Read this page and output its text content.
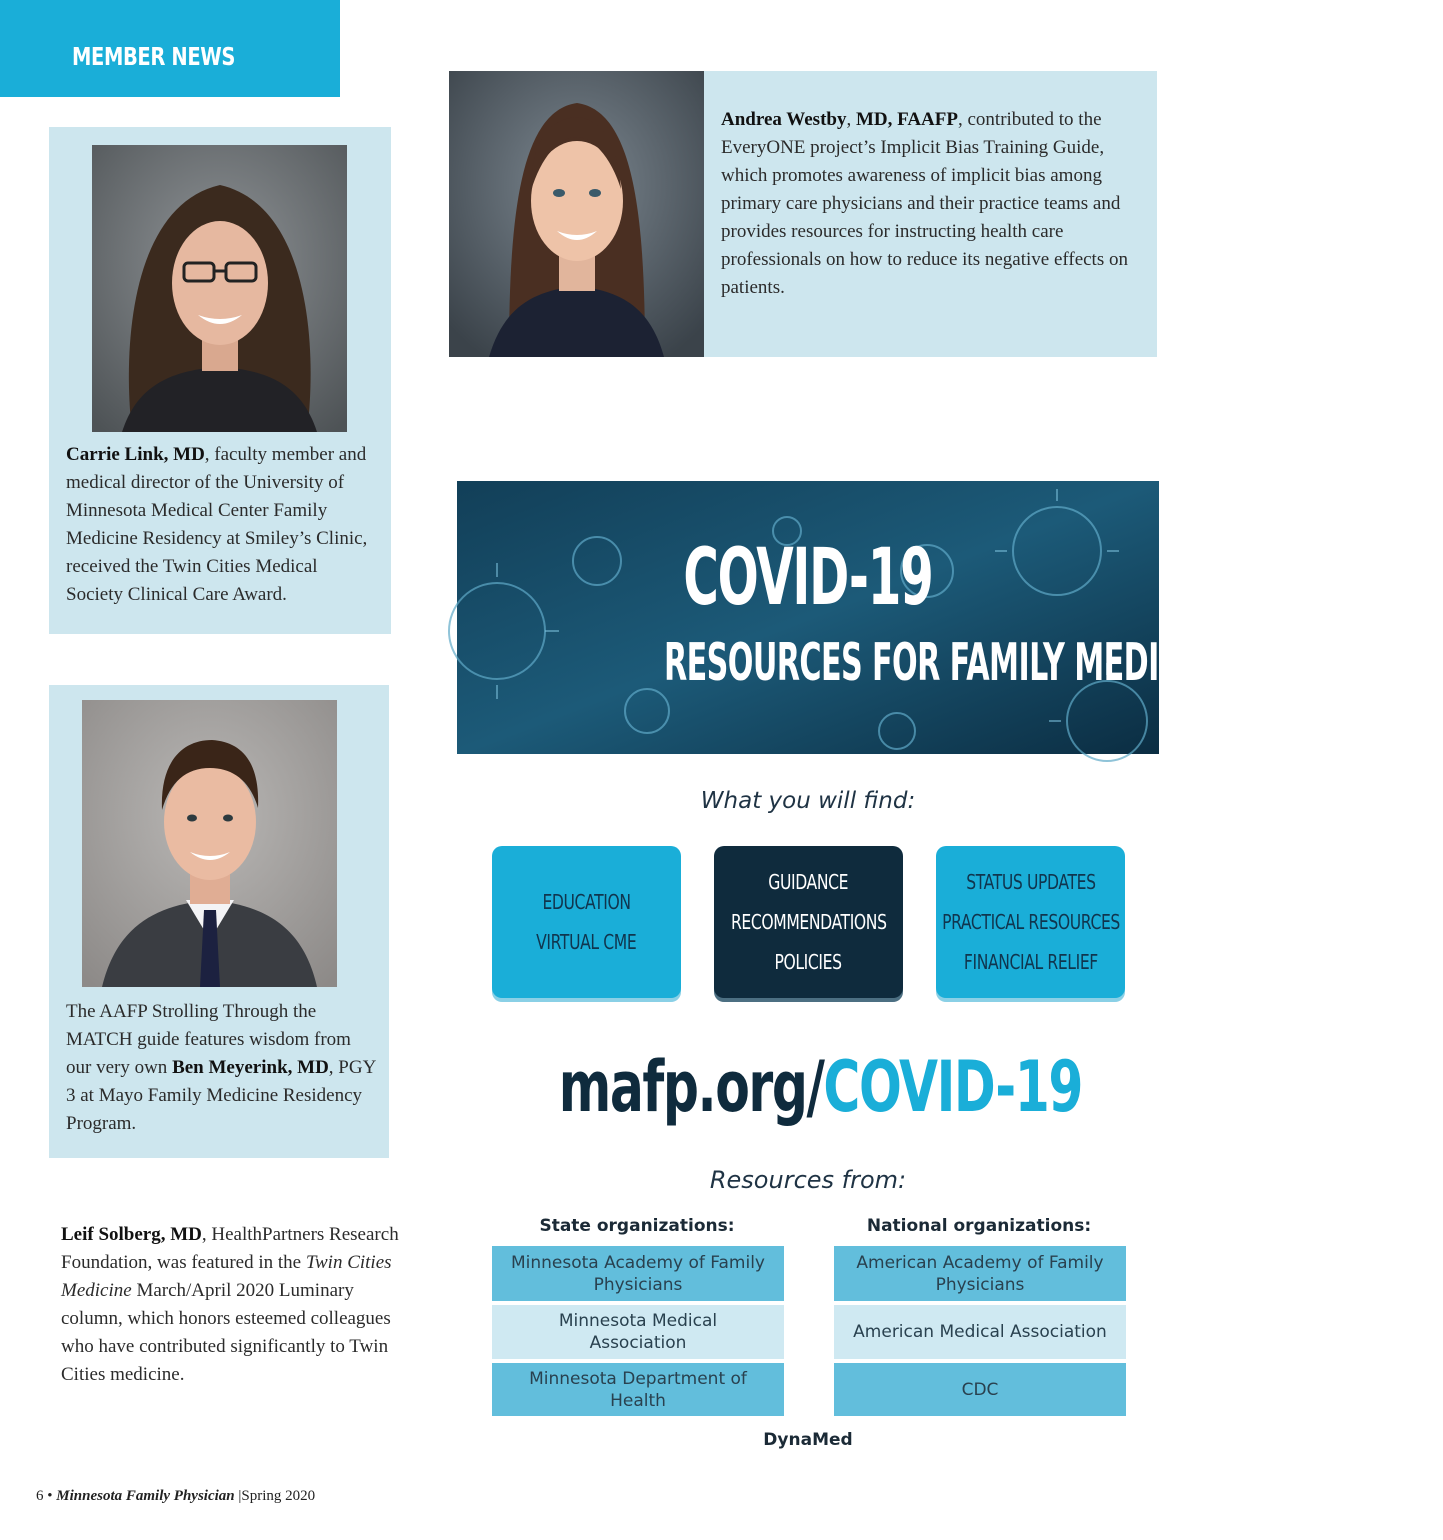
MEMBER NEWS

Andrea Westby, MD, FAAFP, contributed to the EveryONE project’s Implicit Bias Training Guide, which promotes awareness of implicit bias among primary care physicians and their practice teams and provides resources for instructing health care professionals on how to reduce its negative effects on patients.

Carrie Link, MD, faculty member and medical director of the University of Minnesota Medical Center Family Medicine Residency at Smiley’s Clinic, received the Twin Cities Medical Society Clinical Care Award.

The AAFP Strolling Through the MATCH guide features wisdom from our very own Ben Meyerink, MD, PGY 3 at Mayo Family Medicine Residency Program.

Leif Solberg, MD, HealthPartners Research Foundation, was featured in the Twin Cities Medicine March/April 2020 Luminary column, which honors esteemed colleagues who have contributed significantly to Twin Cities medicine.

COVID-19
RESOURCES FOR FAMILY MEDICINE
What you will find:
EDUCATION
VIRTUAL CME
GUIDANCE
RECOMMENDATIONS
POLICIES
STATUS UPDATES
PRACTICAL RESOURCES
FINANCIAL RELIEF
mafp.org/COVID-19
Resources from:
State organizations:	National organizations:
Minnesota Academy of Family Physicians
Minnesota Medical Association
Minnesota Department of Health
American Academy of Family Physicians
American Medical Association
CDC
DynaMed
6 • Minnesota Family Physician |Spring 2020
